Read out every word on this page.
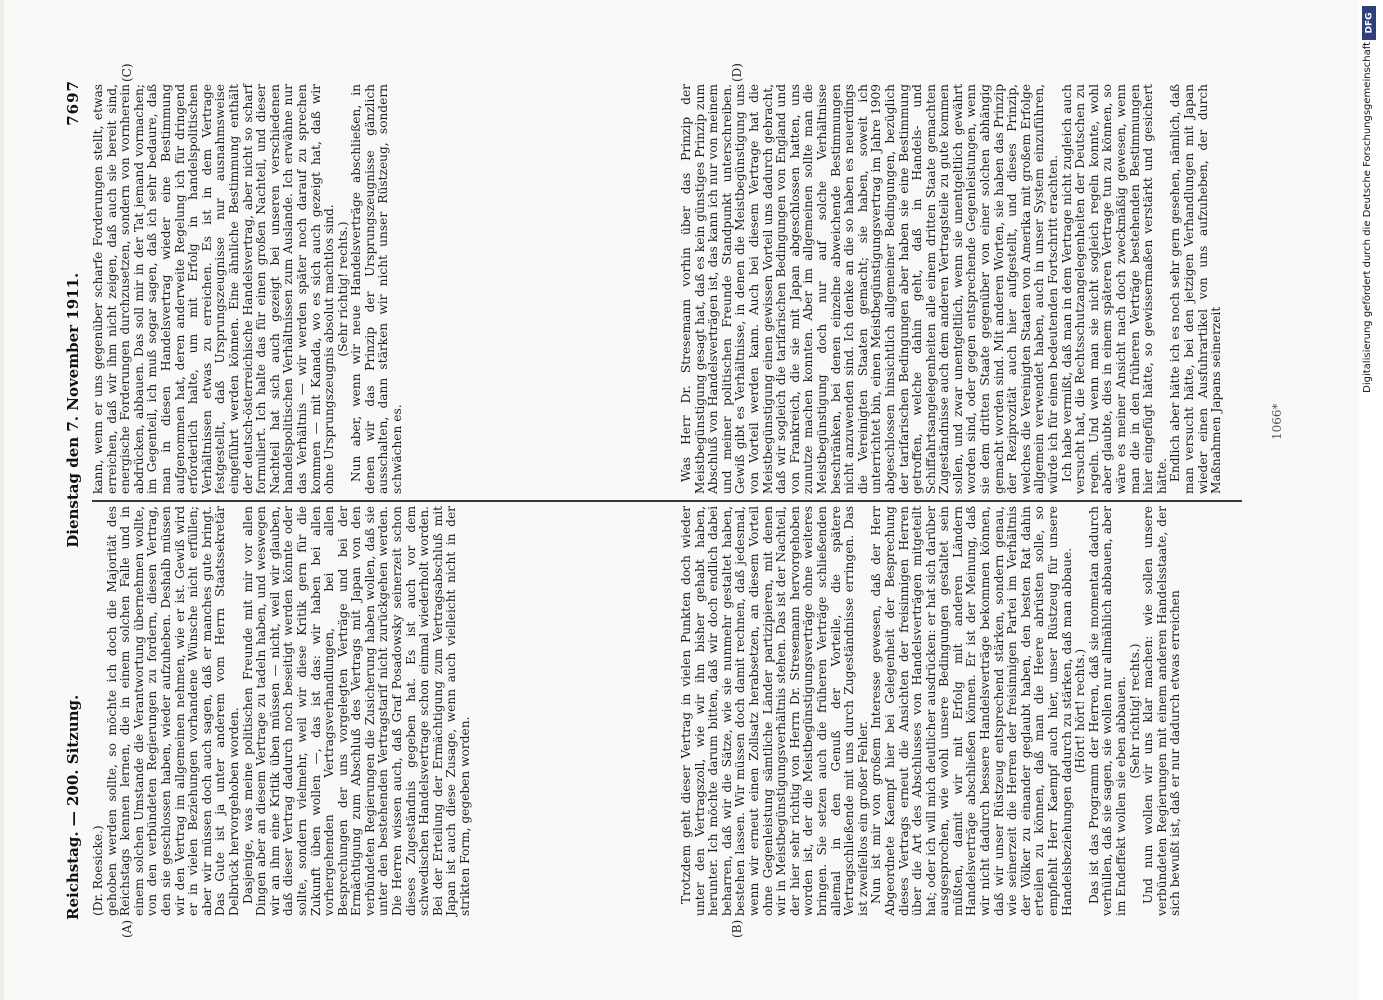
Reichstag. — 200. Sitzung.
Dienstag den 7. November 1911.
7697
(A)	(B)
(C)	(D)

(Dr. Roesicke.) gehoben werden sollte, so möchte ich doch die Majorität des Reichstags kennen lernen, die in einem solchen Falle und in einem solchen Umstande die Verantwortung übernehmen wollte, von den verbündeten Regierungen zu fordern, diesen Vertrag, den sie geschlossen haben, wieder aufzuheben. Deshalb müssen wir den Vertrag im allgemeinen nehmen, wie er ist. Gewiß wird er in vielen Beziehungen vorhandene Wünsche nicht erfüllen; aber wir müssen doch auch sagen, daß er manches gute bringt. Das Gute ist ja unter anderem vom Herrn Staatssekretär Delbrück hervorgehoben worden. Dasjenige, was meine politischen Freunde mit mir vor allen Dingen aber an diesem Vertrage zu tadeln haben, und weswegen wir an ihm eine Kritik üben müssen — nicht, weil wir glauben, daß dieser Vertrag dadurch noch beseitigt werden könnte oder sollte, sondern vielmehr, weil wir diese Kritik gern für die Zukunft üben wollen —, das ist das: wir haben bei allen vorhergehenden Vertragsverhandlungen, bei allen Besprechungen der uns vorgelegten Verträge und bei der Ermächtigung zum Abschluß des Vertrags mit Japan von den verbündeten Regierungen die Zusicherung haben wollen, daß sie unter den bestehenden Vertragstarif nicht zurückgehen werden. Die Herren wissen auch, daß Graf Posadowsky seinerzeit schon dieses Zugeständnis gegeben hat. Es ist auch vor dem schwedischen Handelsvertrage schon einmal wiederholt worden. Bei der Erteilung der Ermächtigung zum Vertragsabschluß mit Japan ist auch diese Zusage, wenn auch vielleicht nicht in der strikten Form, gegeben worden.	Trotzdem geht dieser Vertrag in vielen Punkten doch wieder unter den Vertragszoll, wie wir ihn bisher gehabt haben, herunter. Ich möchte darum bitten, daß wir doch endlich dabei beharren, daß wir die Sätze, wie sie nunmehr gestaltet haben, bestehen lassen. Wir müssen doch damit rechnen, daß jedesmal, wenn wir erneut einen Zollsatz herabsetzen, an diesem Vorteil ohne Gegenleistung sämtliche Länder partizipieren, mit denen wir in Meistbegünstigungsverhältnis stehen. Das ist der Nachteil, der hier sehr richtig von Herrn Dr. Stresemann hervorgehoben worden ist, der die Meistbegünstigungsverträge ohne weiteres bringen. Sie setzen auch die früheren Verträge schließenden allemal in den Genuß der Vorteile, die spätere Vertragschließende mit uns durch Zugeständnisse erringen. Das ist zweifellos ein großer Fehler. Nun ist mir von großem Interesse gewesen, daß der Herr Abgeordnete Kaempf hier bei Gelegenheit der Besprechung dieses Vertrags erneut die Ansichten der freisinnigen Herren über die Art des Abschlusses von Handelsverträgen mitgeteilt hat; oder ich will mich deutlicher ausdrücken: er hat sich darüber ausgesprochen, wie wohl unsere Bedingungen gestaltet sein müßten, damit wir mit Erfolg mit anderen Ländern Handelsverträge abschließen können. Er ist der Meinung, daß wir nicht dadurch bessere Handelsverträge bekommen können, daß wir unser Rüstzeug entsprechend stärken, sondern genau, wie seinerzeit die Herren der freisinnigen Partei im Verhältnis der Völker zu einander geglaubt haben, den besten Rat dahin erteilen zu können, daß man die Heere abrüsten solle, so empfiehlt Herr Kaempf auch hier, unser Rüstzeug für unsere Handelsbeziehungen dadurch zu stärken, daß man abbaue. (Hört! hört! rechts.) Das ist das Programm der Herren, daß sie momentan dadurch verhüllen, daß sie sagen, sie wollen nur allmählich abbauen, aber im Endeffekt wollen sie eben abbauen. (Sehr richtig! rechts.) Und nun wollen wir uns klar machen: wie sollen unsere verbündeten Regierungen mit einem anderen Handelsstaate, der sich bewußt ist, daß er nur dadurch etwas erreichen

kann, wenn er uns gegenüber scharfe Forderungen stellt, etwas erreichen, daß wir ihm nicht zeigen, daß auch sie bereit sind, energische Forderungen durchzusetzen, sondern von vornherein abdrücken, abbauen. Das soll mir in der Tat jemand vormachen; im Gegenteil, ich muß sogar sagen, daß ich sehr bedaure, daß man in diesen Handelsvertrag wieder eine Bestimmung aufgenommen hat, deren anderweite Regelung ich für dringend erforderlich halte, um mit Erfolg in handelspolitischen Verhältnissen etwas zu erreichen. Es ist in dem Vertrage festgestellt, daß Ursprungszeugnisse nur ausnahmsweise eingeführt werden können. Eine ähnliche Bestimmung enthält der deutsch-österreichische Handelsvertrag, aber nicht so scharf formuliert. Ich halte das für einen großen Nachteil, und dieser Nachteil hat sich auch gezeigt bei unseren verschiedenen handelspolitischen Verhältnissen zum Auslande. Ich erwähne nur das Verhältnis — wir werden später noch darauf zu sprechen kommen — mit Kanada, wo es sich auch gezeigt hat, daß wir ohne Ursprungszeugnis absolut machtlos sind. (Sehr richtig! rechts.) Nun aber, wenn wir neue Handelsverträge abschließen, in denen wir das Prinzip der Ursprungszeugnisse gänzlich ausschalten, dann stärken wir nicht unser Rüstzeug, sondern schwächen es.	Was Herr Dr. Stresemann vorhin über das Prinzip der Meistbegünstigung gesagt hat, daß es kein günstiges Prinzip zum Abschluß von Handelsverträgen ist, das kann ich nur von meinem und meiner politischen Freunde Standpunkt unterschreiben. Gewiß gibt es Verhältnisse, in denen die Meistbegünstigung uns von Vorteil werden kann. Auch bei diesem Vertrage hat die Meistbegünstigung einen gewissen Vorteil uns dadurch gebracht, daß wir sogleich die tarifarischen Bedingungen von England und von Frankreich, die sie mit Japan abgeschlossen hatten, uns zunutze machen konnten. Aber im allgemeinen sollte man die Meistbegünstigung doch nur auf solche Verhältnisse beschränken, bei denen einzelne abweichende Bestimmungen nicht anzuwenden sind. Ich denke an die so haben es neuerdings die Vereinigten Staaten gemacht; sie haben, soweit ich unterrichtet bin, einen Meistbegünstigungsvertrag im Jahre 1909 abgeschlossen hinsichtlich allgemeiner Bedingungen, bezüglich der tarifarischen Bedingungen aber haben sie eine Bestimmung getroffen, welche dahin geht, daß in Handels- und Schiffahrtsangelegenheiten alle einem dritten Staate gemachten Zugeständnisse auch dem anderen Vertragsteile zu gute kommen sollen, und zwar unentgeltlich, wenn sie unentgeltlich gewährt worden sind, oder gegen entsprechende Gegenleistungen, wenn sie dem dritten Staate gegenüber von einer solchen abhängig gemacht worden sind. Mit anderen Worten, sie haben das Prinzip der Reziprozität auch hier aufgestellt, und dieses Prinzip, welches die Vereinigten Staaten von Amerika mit großem Erfolge allgemein verwendet haben, auch in unser System einzuführen, würde ich für einen bedeutenden Fortschritt erachten. Ich habe vermißt, daß man in dem Vertrage nicht zugleich auch versucht hat, die Rechtsschutzangelegenheiten der Deutschen zu regeln. Und wenn man sie nicht sogleich regeln konnte, wohl aber glaubte, dies in einem späteren Vertrage tun zu können, so wäre es meiner Ansicht nach doch zweckmäßig gewesen, wenn man die in den früheren Verträge bestehenden Bestimmungen hier eingefügt hätte, so gewissermaßen verstärkt und gesichert hätte. Endlich aber hätte ich es noch sehr gern gesehen, nämlich, daß man versucht hätte, bei den jetzigen Verhandlungen mit Japan wieder einen Ausfuhrartikel von uns aufzuheben, der durch Maßnahmen Japans seinerzeit	1066*
DFG
Digitalisierung gefördert durch die Deutsche Forschungsgemeinschaft
